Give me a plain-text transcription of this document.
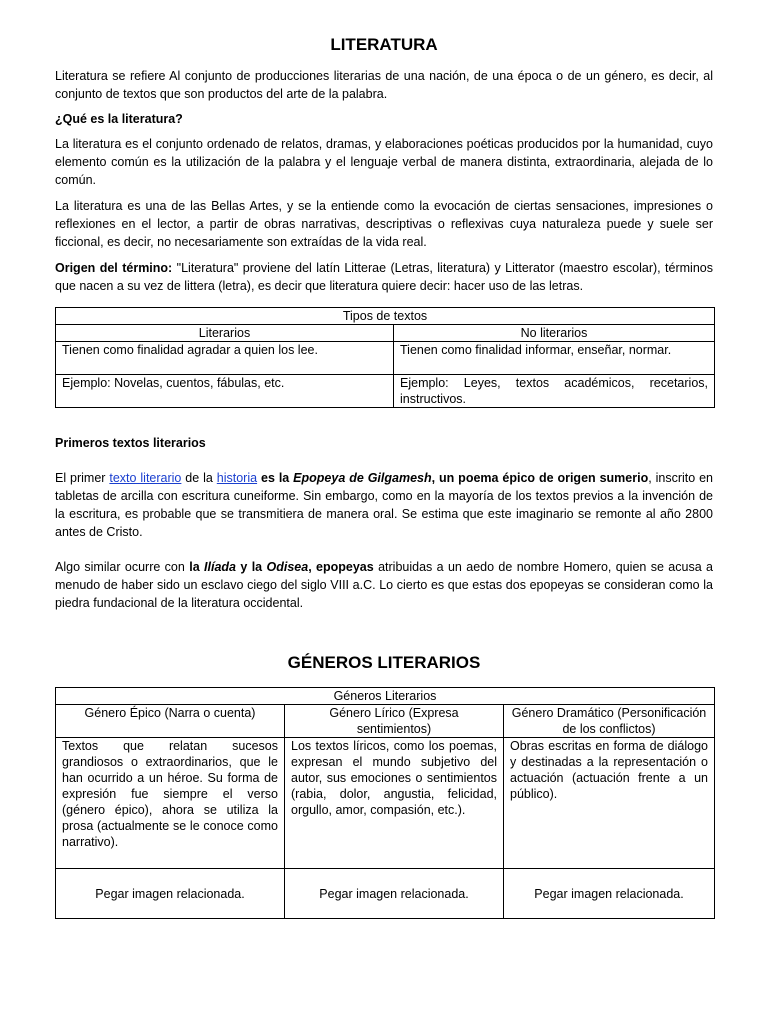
LITERATURA

Literatura se refiere Al conjunto de producciones literarias de una nación, de una época o de un género, es decir, al conjunto de textos que son productos del arte de la palabra.

¿Qué es la literatura?

La literatura es el conjunto ordenado de relatos, dramas, y elaboraciones poéticas producidos por la humanidad, cuyo elemento común es la utilización de la palabra y el lenguaje verbal de manera distinta, extraordinaria, alejada de lo común.

La literatura es una de las Bellas Artes, y se la entiende como la evocación de ciertas sensaciones, impresiones o reflexiones en el lector, a partir de obras narrativas, descriptivas o reflexivas cuya naturaleza puede y suele ser ficcional, es decir, no necesariamente son extraídas de la vida real.

Origen del término: "Literatura" proviene del latín Litterae (Letras, literatura) y Litterator (maestro escolar), términos que nacen a su vez de littera (letra), es decir que literatura quiere decir: hacer uso de las letras.

Tipos de textos	
Literarios	No literarios
Tienen como finalidad agradar a quien los lee.	Tienen como finalidad informar, enseñar, normar.
Ejemplo: Novelas, cuentos, fábulas, etc.	Ejemplo: Leyes, textos académicos, recetarios, instructivos.

Primeros textos literarios

El primer texto literario de la historia es la Epopeya de Gilgamesh, un poema épico de origen sumerio, inscrito en tabletas de arcilla con escritura cuneiforme. Sin embargo, como en la mayoría de los textos previos a la invención de la escritura, es probable que se transmitiera de manera oral. Se estima que este imaginario se remonte al año 2800 antes de Cristo.

Algo similar ocurre con la Ilíada y la Odisea, epopeyas atribuidas a un aedo de nombre Homero, quien se acusa a menudo de haber sido un esclavo ciego del siglo VIII a.C. Lo cierto es que estas dos epopeyas se consideran como la piedra fundacional de la literatura occidental.

GÉNEROS LITERARIOS
Géneros Literarios		
Género Épico (Narra o cuenta)	Género Lírico (Expresa sentimientos)	Género Dramático (Personificación de los conflictos)
Textos que relatan sucesos grandiosos o extraordinarios, que le han ocurrido a un héroe. Su forma de expresión fue siempre el verso (género épico), ahora se utiliza la prosa (actualmente se le conoce como narrativo).	Los textos líricos, como los poemas, expresan el mundo subjetivo del autor, sus emociones o sentimientos (rabia, dolor, angustia, felicidad, orgullo, amor, compasión, etc.).	Obras escritas en forma de diálogo y destinadas a la representación o actuación (actuación frente a un público).
Pegar imagen relacionada.	Pegar imagen relacionada.	Pegar imagen relacionada.
